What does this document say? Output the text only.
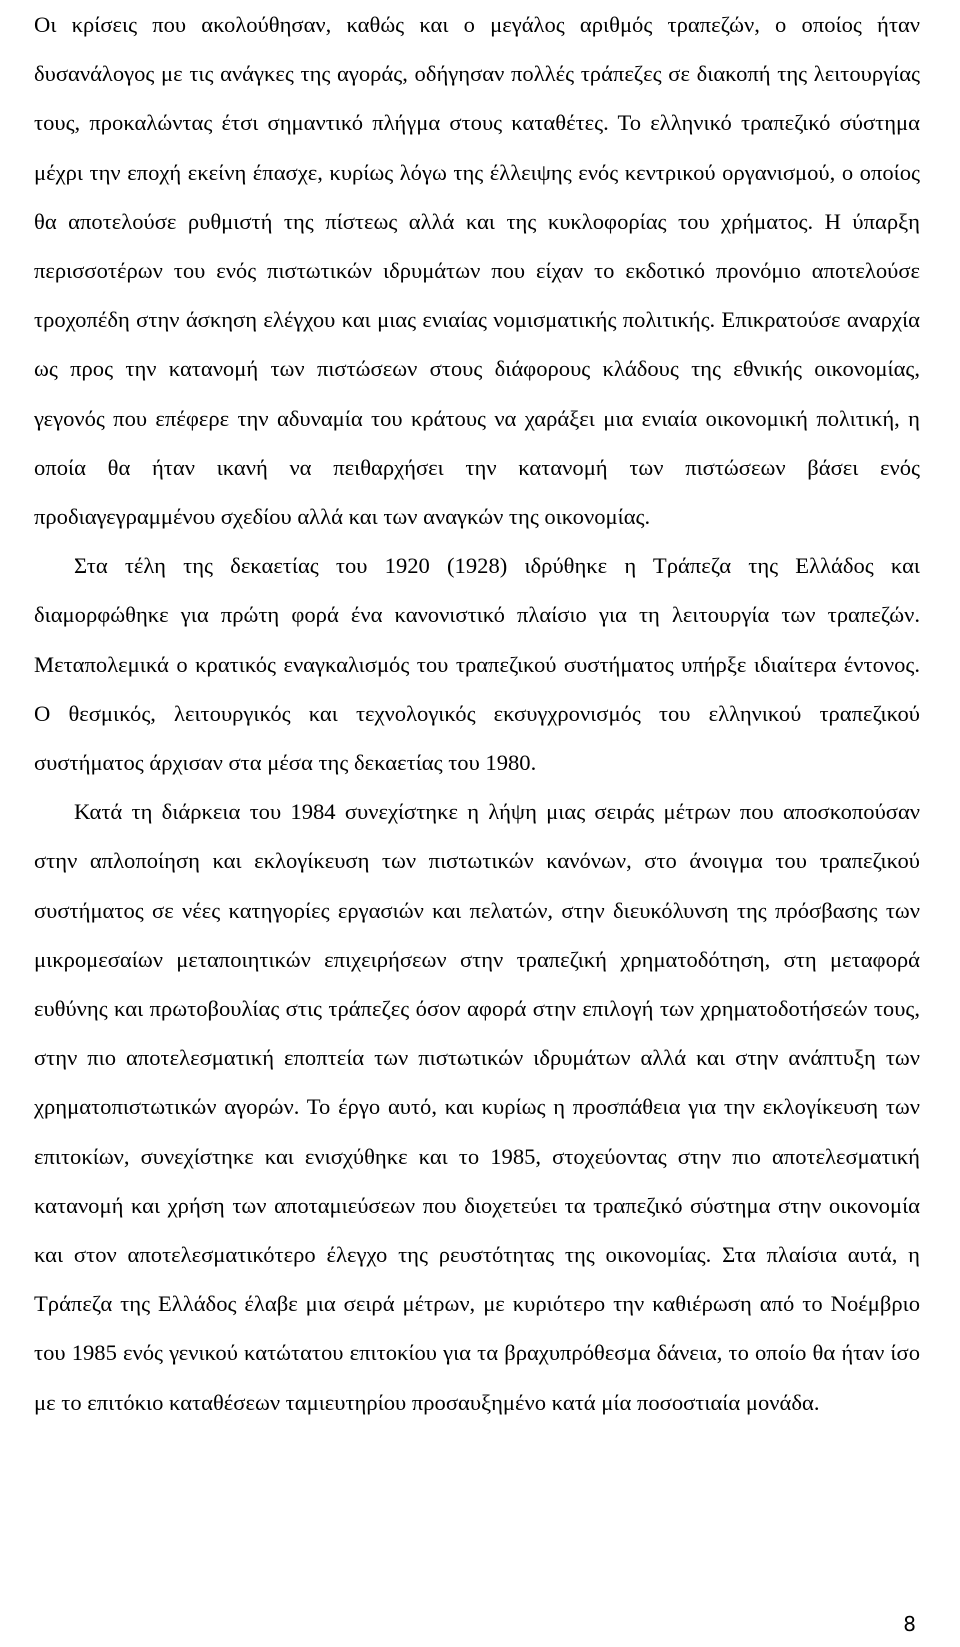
Οι κρίσεις που ακολούθησαν, καθώς και ο μεγάλος αριθμός τραπεζών, ο οποίος ήταν δυσανάλογος με τις ανάγκες της αγοράς, οδήγησαν πολλές τράπεζες σε διακοπή της λειτουργίας τους, προκαλώντας έτσι σημαντικό πλήγμα στους καταθέτες. Το ελληνικό τραπεζικό σύστημα μέχρι την εποχή εκείνη έπασχε, κυρίως λόγω της έλλειψης ενός κεντρικού οργανισμού, ο οποίος θα αποτελούσε ρυθμιστή της πίστεως αλλά και της κυκλοφορίας του χρήματος. Η ύπαρξη περισσοτέρων του ενός πιστωτικών ιδρυμάτων που είχαν το εκδοτικό προνόμιο αποτελούσε τροχοπέδη στην άσκηση ελέγχου και μιας ενιαίας νομισματικής πολιτικής. Επικρατούσε αναρχία ως προς την κατανομή των πιστώσεων στους διάφορους κλάδους της εθνικής οικονομίας, γεγονός που επέφερε την αδυναμία του κράτους να χαράξει μια ενιαία οικονομική πολιτική, η οποία θα ήταν ικανή να πειθαρχήσει την κατανομή των πιστώσεων βάσει ενός προδιαγεγραμμένου σχεδίου αλλά και των αναγκών της οικονομίας.

Στα τέλη της δεκαετίας του 1920 (1928) ιδρύθηκε η Τράπεζα της Ελλάδος και διαμορφώθηκε για πρώτη φορά ένα κανονιστικό πλαίσιο για τη λειτουργία των τραπεζών. Μεταπολεμικά ο κρατικός εναγκαλισμός του τραπεζικού συστήματος υπήρξε ιδιαίτερα έντονος. Ο θεσμικός, λειτουργικός και τεχνολογικός εκσυγχρονισμός του ελληνικού τραπεζικού συστήματος άρχισαν στα μέσα της δεκαετίας του 1980.

Κατά τη διάρκεια του 1984 συνεχίστηκε η λήψη μιας σειράς μέτρων που αποσκοπούσαν στην απλοποίηση και εκλογίκευση των πιστωτικών κανόνων, στο άνοιγμα του τραπεζικού συστήματος σε νέες κατηγορίες εργασιών και πελατών, στην διευκόλυνση της πρόσβασης των μικρομεσαίων μεταποιητικών επιχειρήσεων στην τραπεζική χρηματοδότηση, στη μεταφορά ευθύνης και πρωτοβουλίας στις τράπεζες όσον αφορά στην επιλογή των χρηματοδοτήσεών τους, στην πιο αποτελεσματική εποπτεία των πιστωτικών ιδρυμάτων αλλά και στην ανάπτυξη των χρηματοπιστωτικών αγορών. Το έργο αυτό, και κυρίως η προσπάθεια για την εκλογίκευση των επιτοκίων, συνεχίστηκε και ενισχύθηκε και το 1985, στοχεύοντας στην πιο αποτελεσματική κατανομή και χρήση των αποταμιεύσεων που διοχετεύει τα τραπεζικό σύστημα στην οικονομία και στον αποτελεσματικότερο έλεγχο της ρευστότητας της οικονομίας. Στα πλαίσια αυτά, η Τράπεζα της Ελλάδος έλαβε μια σειρά μέτρων, με κυριότερο την καθιέρωση από το Νοέμβριο του 1985 ενός γενικού κατώτατου επιτοκίου για τα βραχυπρόθεσμα δάνεια, το οποίο θα ήταν ίσο με το επιτόκιο καταθέσεων ταμιευτηρίου προσαυξημένο κατά μία ποσοστιαία μονάδα.

8
